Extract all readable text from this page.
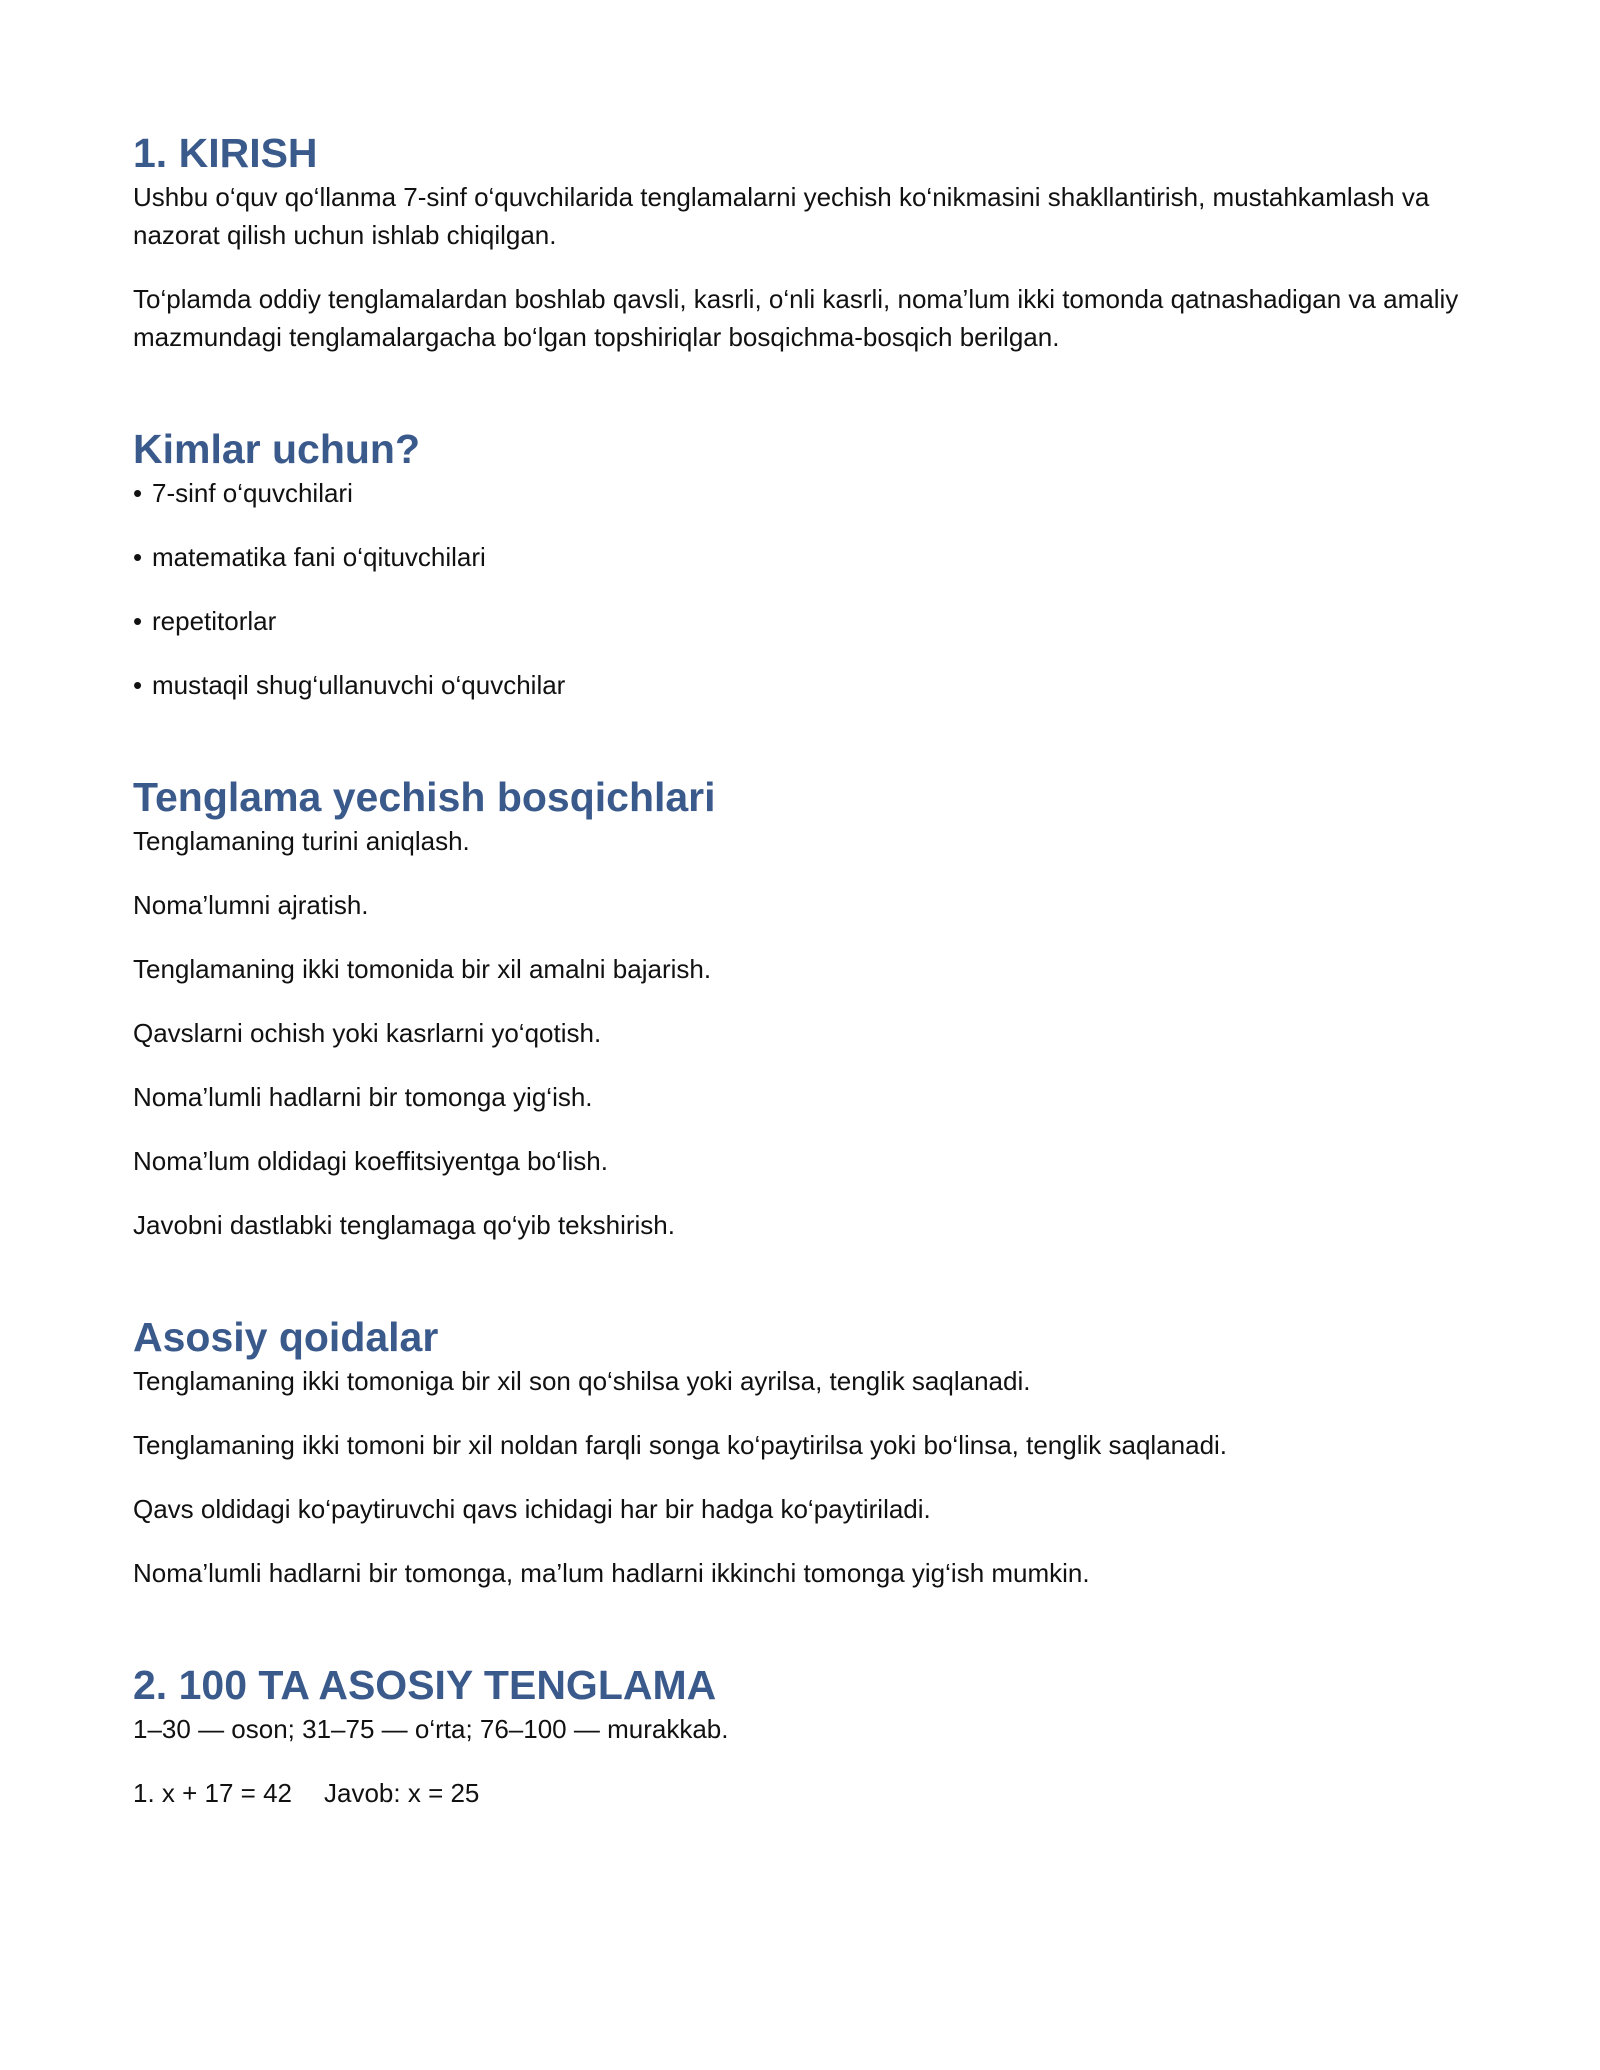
1. KIRISH

Ushbu o‘quv qo‘llanma 7-sinf o‘quvchilarida tenglamalarni yechish ko‘nikmasini shakllantirish, mustahkamlash va nazorat qilish uchun ishlab chiqilgan.

To‘plamda oddiy tenglamalardan boshlab qavsli, kasrli, o‘nli kasrli, noma’lum ikki tomonda qatnashadigan va amaliy mazmundagi tenglamalargacha bo‘lgan topshiriqlar bosqichma-bosqich berilgan.

Kimlar uchun?
• 7-sinf o‘quvchilari
• matematika fani o‘qituvchilari
• repetitorlar
• mustaqil shug‘ullanuvchi o‘quvchilar
Tenglama yechish bosqichlari

Tenglamaning turini aniqlash.

Noma’lumni ajratish.

Tenglamaning ikki tomonida bir xil amalni bajarish.

Qavslarni ochish yoki kasrlarni yo‘qotish.

Noma’lumli hadlarni bir tomonga yig‘ish.

Noma’lum oldidagi koeffitsiyentga bo‘lish.

Javobni dastlabki tenglamaga qo‘yib tekshirish.

Asosiy qoidalar

Tenglamaning ikki tomoniga bir xil son qo‘shilsa yoki ayrilsa, tenglik saqlanadi.

Tenglamaning ikki tomoni bir xil noldan farqli songa ko‘paytirilsa yoki bo‘linsa, tenglik saqlanadi.

Qavs oldidagi ko‘paytiruvchi qavs ichidagi har bir hadga ko‘paytiriladi.

Noma’lumli hadlarni bir tomonga, ma’lum hadlarni ikkinchi tomonga yig‘ish mumkin.

2. 100 TA ASOSIY TENGLAMA

1–30 — oson; 31–75 — o‘rta; 76–100 — murakkab.

1. x + 17 = 42 Javob: x = 25
